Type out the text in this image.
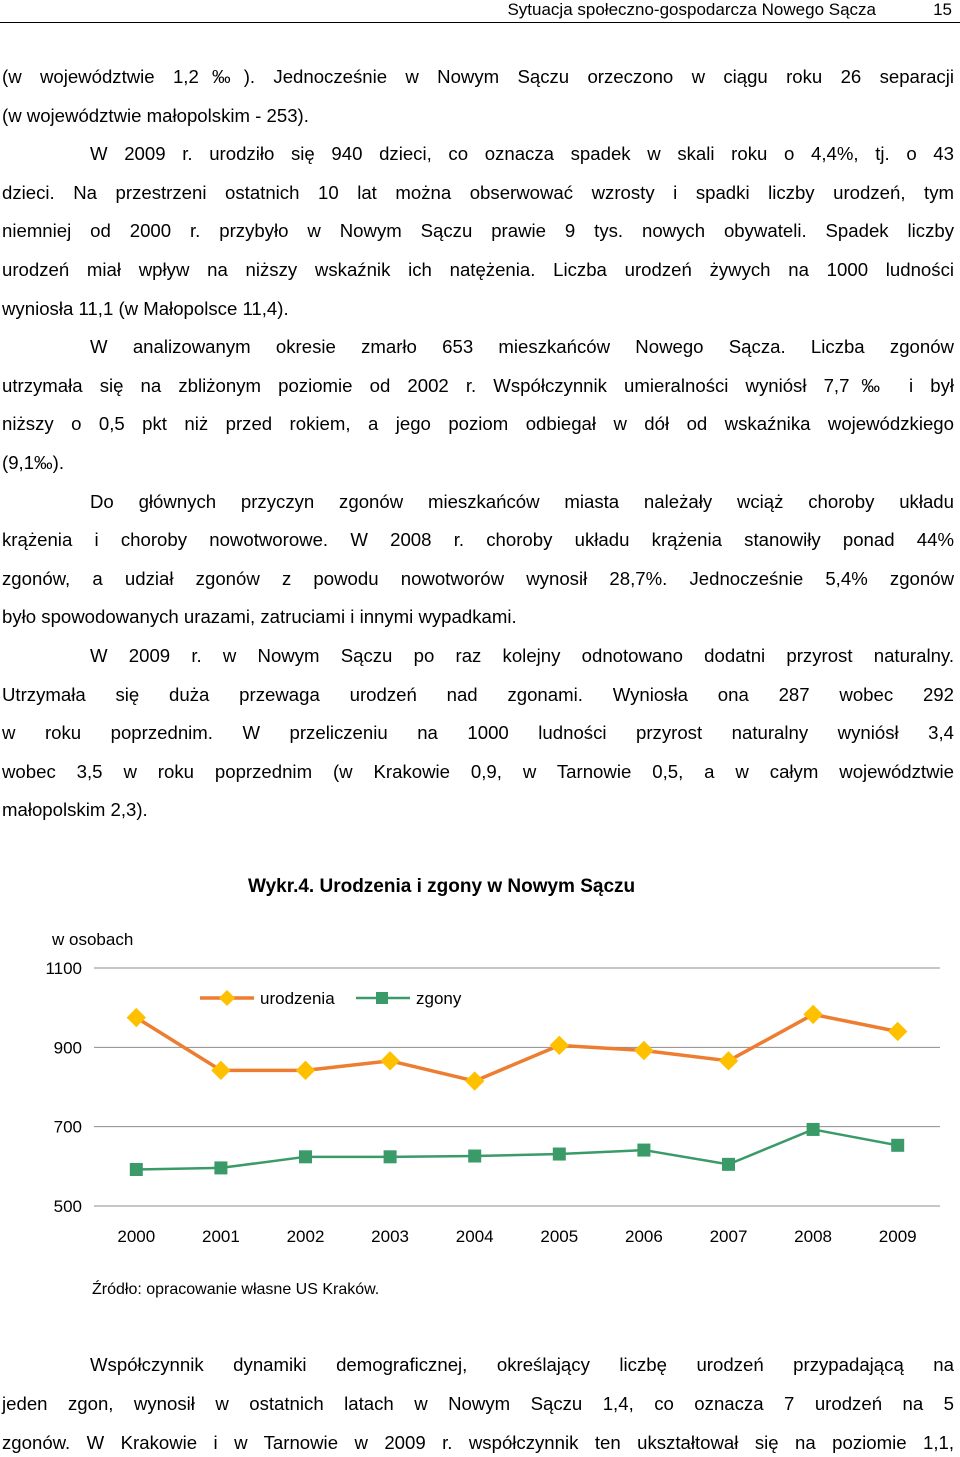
Sytuacja społeczno-gospodarcza Nowego Sącza	15
(w województwie 1,2‰). Jednocześnie w Nowym Sączu orzeczono w ciągu roku 26 separacji
(w województwie małopolskim - 253).
W 2009 r. urodziło się 940 dzieci, co oznacza spadek w skali roku o 4,4%, tj. o 43
dzieci. Na przestrzeni ostatnich 10 lat można obserwować wzrosty i spadki liczby urodzeń, tym
niemniej od 2000 r. przybyło w Nowym Sączu prawie 9 tys. nowych obywateli. Spadek liczby
urodzeń miał wpływ na niższy wskaźnik ich natężenia. Liczba urodzeń żywych na 1000 ludności
wyniosła 11,1 (w Małopolsce 11,4).
W analizowanym okresie zmarło 653 mieszkańców Nowego Sącza. Liczba zgonów
utrzymała się na zbliżonym poziomie od 2002 r. Współczynnik umieralności wyniósł 7,7‰ i był
niższy o 0,5 pkt niż przed rokiem, a jego poziom odbiegał w dół od wskaźnika wojewódzkiego
(9,1‰).
Do głównych przyczyn zgonów mieszkańców miasta należały wciąż choroby układu
krążenia i choroby nowotworowe. W 2008 r. choroby układu krążenia stanowiły ponad 44%
zgonów, a udział zgonów z powodu nowotworów wynosił 28,7%. Jednocześnie 5,4% zgonów
było spowodowanych urazami, zatruciami i innymi wypadkami.
W 2009 r. w Nowym Sączu po raz kolejny odnotowano dodatni przyrost naturalny.
Utrzymała się duża przewaga urodzeń nad zgonami. Wyniosła ona 287 wobec 292
w roku poprzednim. W przeliczeniu na 1000 ludności przyrost naturalny wyniósł 3,4
wobec 3,5 w roku poprzednim (w Krakowie 0,9, w Tarnowie 0,5, a w całym województwie
małopolskim 2,3).
Wykr.4. Urodzenia i zgony w Nowym Sączu
w osobach
500
700
900
1100
2000	2001	2002	2003	2004	2005	2006	2007	2008	2009
urodzenia	zgony
Źródło: opracowanie własne US Kraków.
Współczynnik dynamiki demograficznej, określający liczbę urodzeń przypadającą na
jeden zgon, wynosił w ostatnich latach w Nowym Sączu 1,4, co oznacza 7 urodzeń na 5
zgonów. W Krakowie i w Tarnowie w 2009 r. współczynnik ten ukształtował się na poziomie 1,1,
